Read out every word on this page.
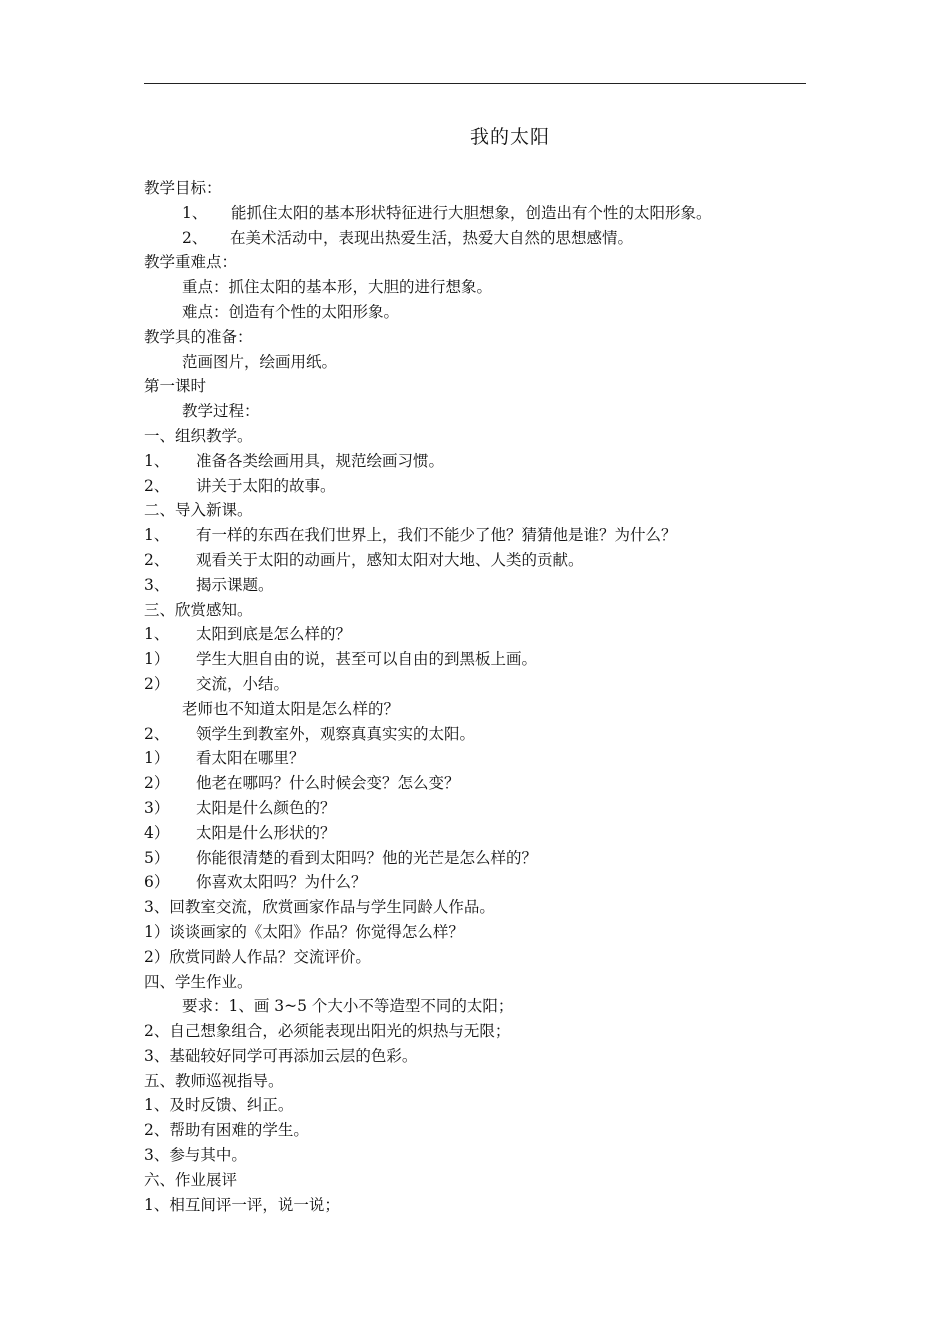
我的太阳
教学目标：
1、 能抓住太阳的基本形状特征进行大胆想象，创造出有个性的太阳形象。
2、 在美术活动中，表现出热爱生活，热爱大自然的思想感情。
教学重难点：
重点：抓住太阳的基本形，大胆的进行想象。
难点：创造有个性的太阳形象。
教学具的准备：
范画图片，绘画用纸。
第一课时
教学过程：
一、组织教学。
1、 准备各类绘画用具，规范绘画习惯。
2、 讲关于太阳的故事。
二、导入新课。
1、 有一样的东西在我们世界上，我们不能少了他？猜猜他是谁？为什么？
2、 观看关于太阳的动画片，感知太阳对大地、人类的贡献。
3、 揭示课题。
三、欣赏感知。
1、 太阳到底是怎么样的？
1） 学生大胆自由的说，甚至可以自由的到黑板上画。
2） 交流，小结。
老师也不知道太阳是怎么样的？
2、 领学生到教室外，观察真真实实的太阳。
1） 看太阳在哪里？
2） 他老在哪吗？什么时候会变？怎么变？
3） 太阳是什么颜色的？
4） 太阳是什么形状的？
5） 你能很清楚的看到太阳吗？他的光芒是怎么样的？
6） 你喜欢太阳吗？为什么？
3、回教室交流，欣赏画家作品与学生同龄人作品。
1）谈谈画家的《太阳》作品？你觉得怎么样？
2）欣赏同龄人作品？交流评价。
四、学生作业。
要求：1、画 3~5 个大小不等造型不同的太阳；
2、自己想象组合，必须能表现出阳光的炽热与无限；
3、基础较好同学可再添加云层的色彩。
五、教师巡视指导。
1、及时反馈、纠正。
2、帮助有困难的学生。
3、参与其中。
六、作业展评
1、相互间评一评，说一说；
